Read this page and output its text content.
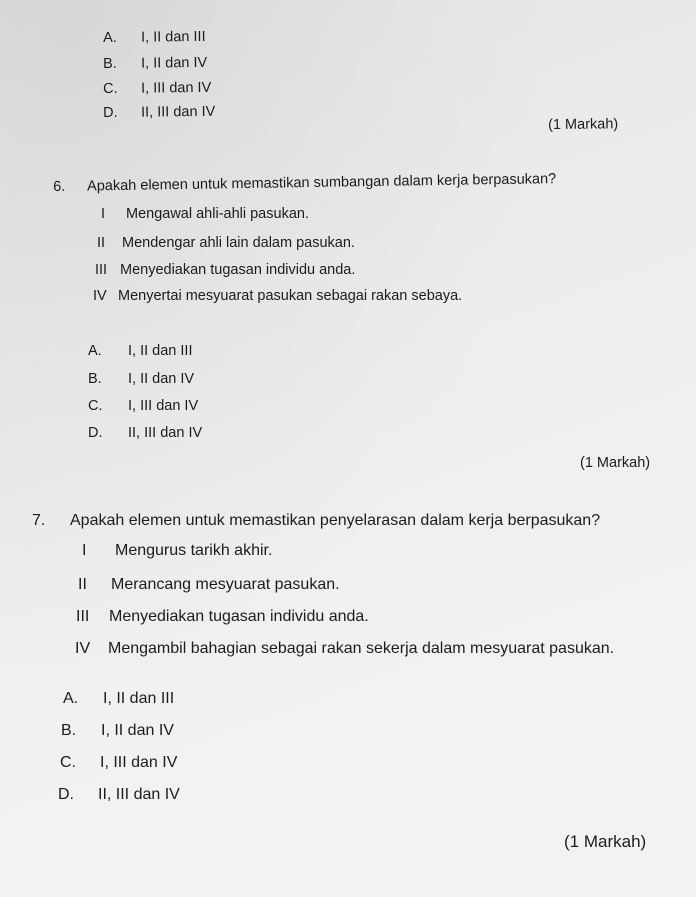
A. I, II dan III
B. I, II dan IV
C. I, III dan IV
D. II, III dan IV
(1 Markah)
6. Apakah elemen untuk memastikan sumbangan dalam kerja berpasukan?
I Mengawal ahli-ahli pasukan.
II Mendengar ahli lain dalam pasukan.
III Menyediakan tugasan individu anda.
IV Menyertai mesyuarat pasukan sebagai rakan sebaya.
A. I, II dan III
B. I, II dan IV
C. I, III dan IV
D. II, III dan IV
(1 Markah)
7. Apakah elemen untuk memastikan penyelarasan dalam kerja berpasukan?
I Mengurus tarikh akhir.
II Merancang mesyuarat pasukan.
III Menyediakan tugasan individu anda.
IV Mengambil bahagian sebagai rakan sekerja dalam mesyuarat pasukan.
A. I, II dan III
B. I, II dan IV
C. I, III dan IV
D. II, III dan IV
(1 Markah)
